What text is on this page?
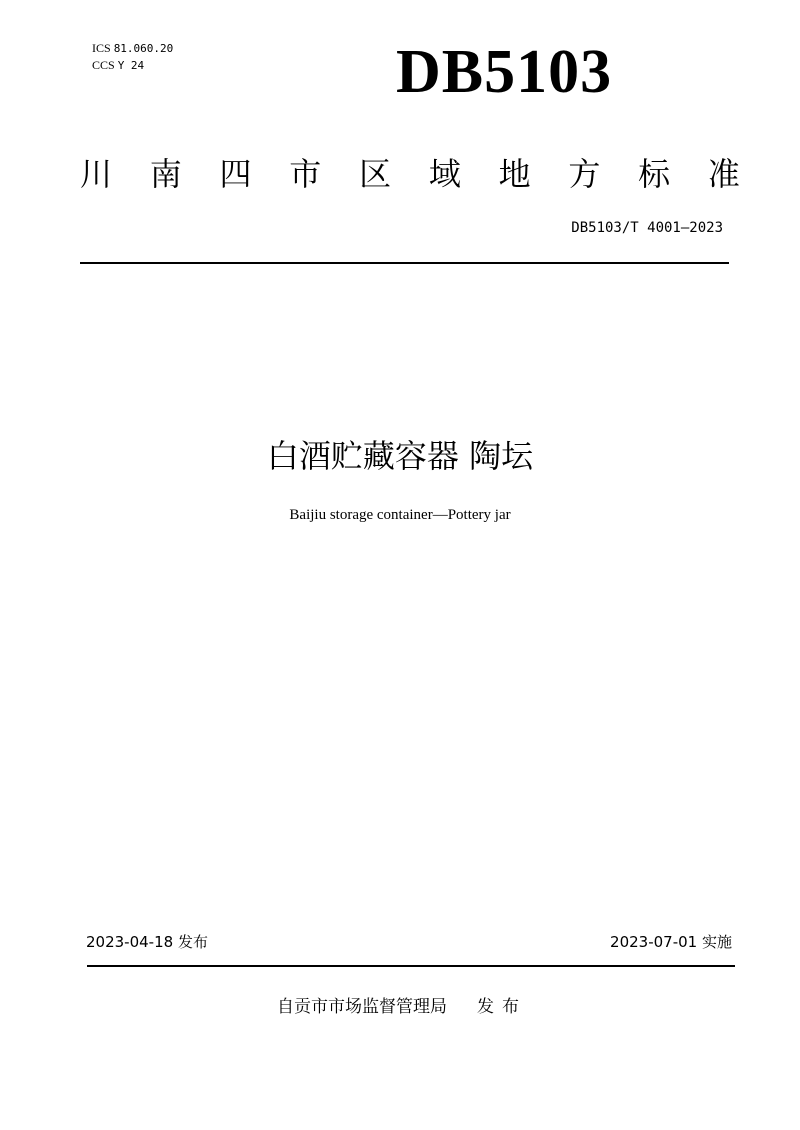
ICS 81.060.20
CCS Y 24	DB5103
川 南 四 市 区 域 地 方 标 准
DB5103/T 4001—2023
白酒贮藏容器 陶坛
Baijiu storage container—Pottery jar
2023-04-18 发布	2023-07-01 实施
自贡市市场监督管理局 发布
